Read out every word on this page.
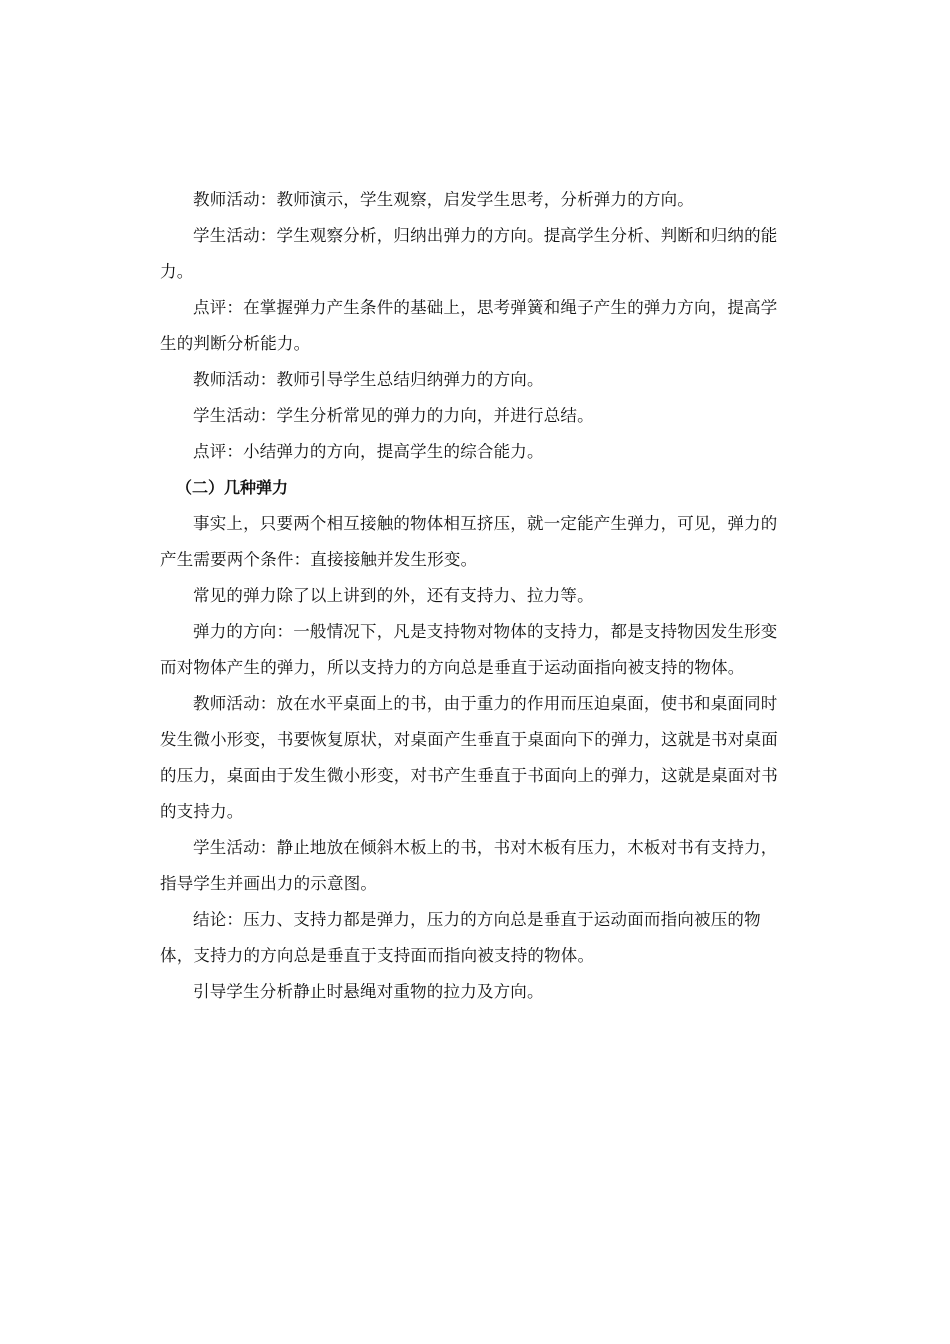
教师活动：教师演示，学生观察，启发学生思考，分析弹力的方向。

学生活动：学生观察分析，归纳出弹力的方向。提高学生分析、判断和归纳的能力。

点评：在掌握弹力产生条件的基础上，思考弹簧和绳子产生的弹力方向，提高学生的判断分析能力。

教师活动：教师引导学生总结归纳弹力的方向。

学生活动：学生分析常见的弹力的力向，并进行总结。

点评：小结弹力的方向，提高学生的综合能力。

（二）几种弹力

事实上，只要两个相互接触的物体相互挤压，就一定能产生弹力，可见，弹力的产生需要两个条件：直接接触并发生形变。

常见的弹力除了以上讲到的外，还有支持力、拉力等。

弹力的方向：一般情况下，凡是支持物对物体的支持力，都是支持物因发生形变而对物体产生的弹力，所以支持力的方向总是垂直于运动面指向被支持的物体。

教师活动：放在水平桌面上的书，由于重力的作用而压迫桌面，使书和桌面同时发生微小形变，书要恢复原状，对桌面产生垂直于桌面向下的弹力，这就是书对桌面的压力，桌面由于发生微小形变，对书产生垂直于书面向上的弹力，这就是桌面对书的支持力。

学生活动：静止地放在倾斜木板上的书，书对木板有压力，木板对书有支持力，指导学生并画出力的示意图。

结论：压力、支持力都是弹力，压力的方向总是垂直于运动面而指向被压的物体，支持力的方向总是垂直于支持面而指向被支持的物体。

引导学生分析静止时悬绳对重物的拉力及方向。
